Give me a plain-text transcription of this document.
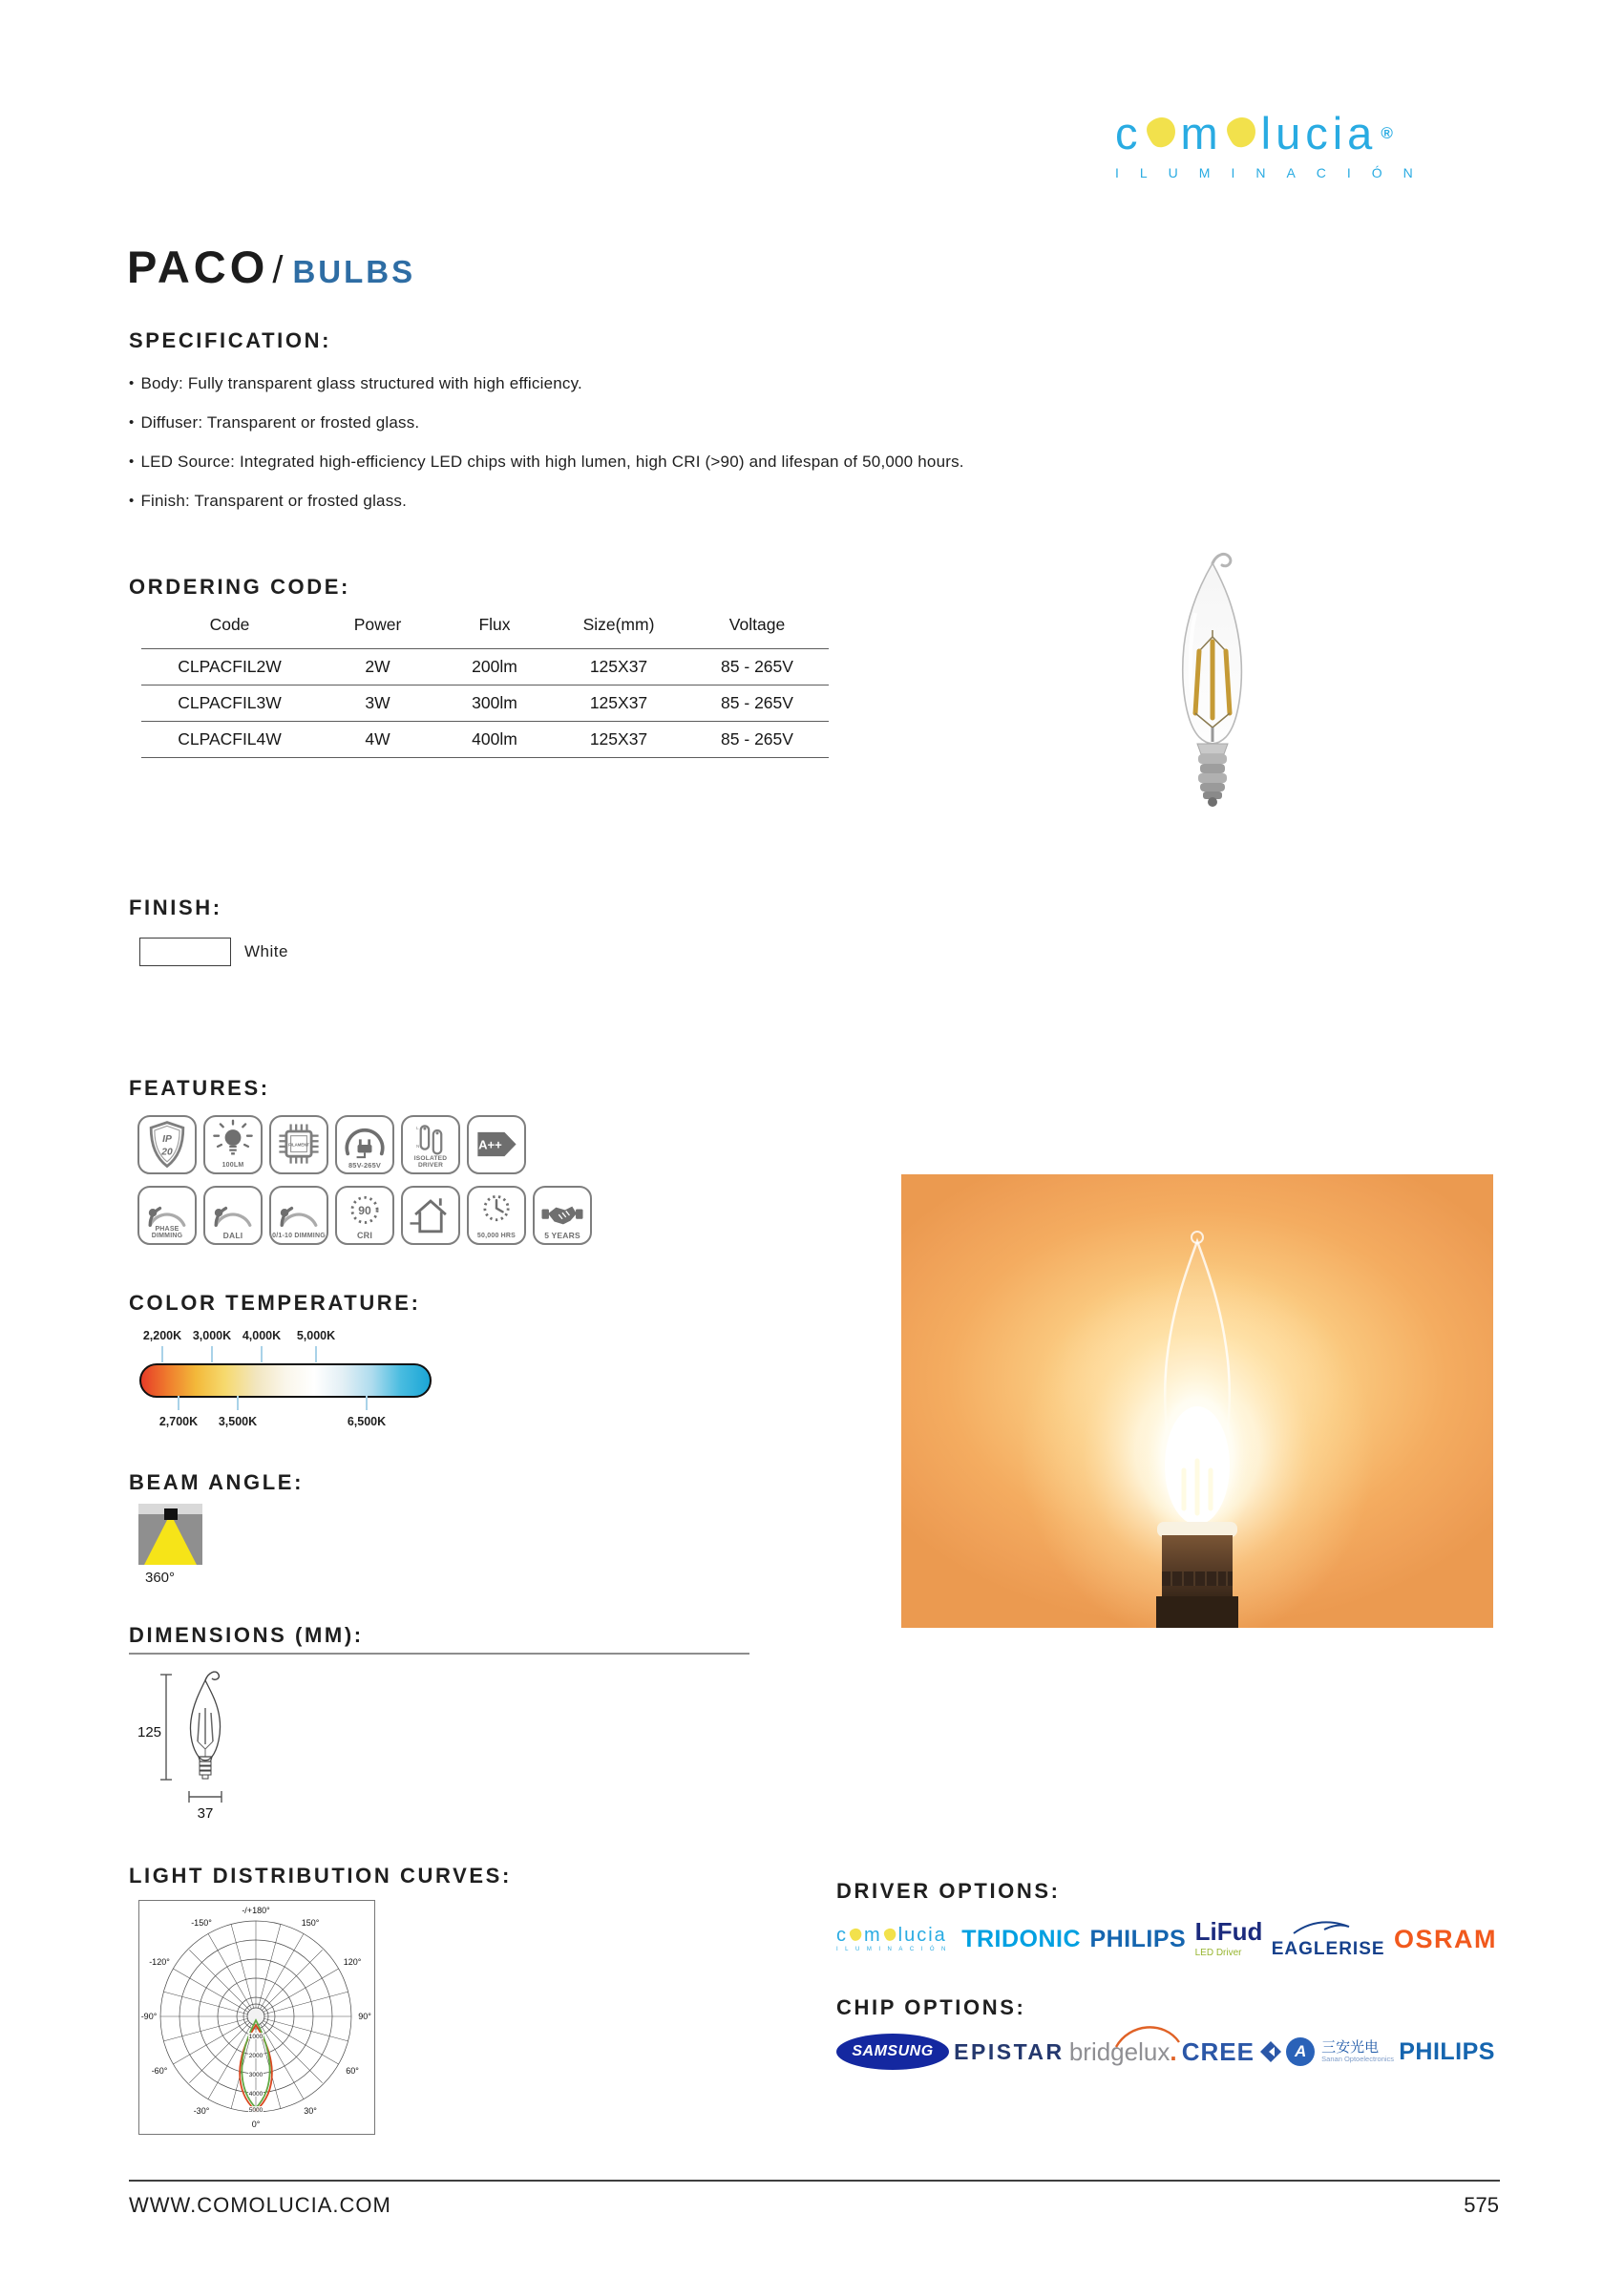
c m lucia ®
ILUMINACIÓN
PACO / BULBS
SPECIFICATION:
• Body: Fully transparent glass structured with high efficiency.
• Diffuser: Transparent or frosted glass.
• LED Source: Integrated high-efficiency LED chips with high lumen, high CRI (>90) and lifespan of 50,000 hours.
• Finish: Transparent or frosted glass.
ORDERING CODE:
Code	Power	Flux	Size(mm)	Voltage
CLPACFIL2W	2W	200lm	125X37	85 - 265V
CLPACFIL3W	3W	300lm	125X37	85 - 265V
CLPACFIL4W	4W	400lm	125X37	85 - 265V
FINISH:
White
FEATURES:
IP
20
100LM
FILAMENT
85V-265V
L
N
ISOLATED DRIVER
A++
PHASE DIMMING	DALI	0/1-10 DIMMING
90
CRI	50,000 HRS	5 YEARS
COLOR TEMPERATURE:
2,200K 3,000K 4,000K 5,000K
2,700K 3,500K	6,500K
BEAM ANGLE:
360°
DIMENSIONS (MM):
125
37
LIGHT DISTRIBUTION CURVES:
-/+180°
-150°	150°
-120°	120°
-90°	90°
-60°	60°
-30°	30°
0°
1000
2000
3000
4000
5000
DRIVER OPTIONS:
c m lucia
ILUMINACIÓN TRIDONIC PHILIPS LiFud
LED Driver	EAGLERISE OSRAM
CHIP OPTIONS:
SAMSUNG EPISTAR bridgelux. CREE	A	三安光电
Sanan Optoelectronics PHILIPS
WWW.COMOLUCIA.COM	575
